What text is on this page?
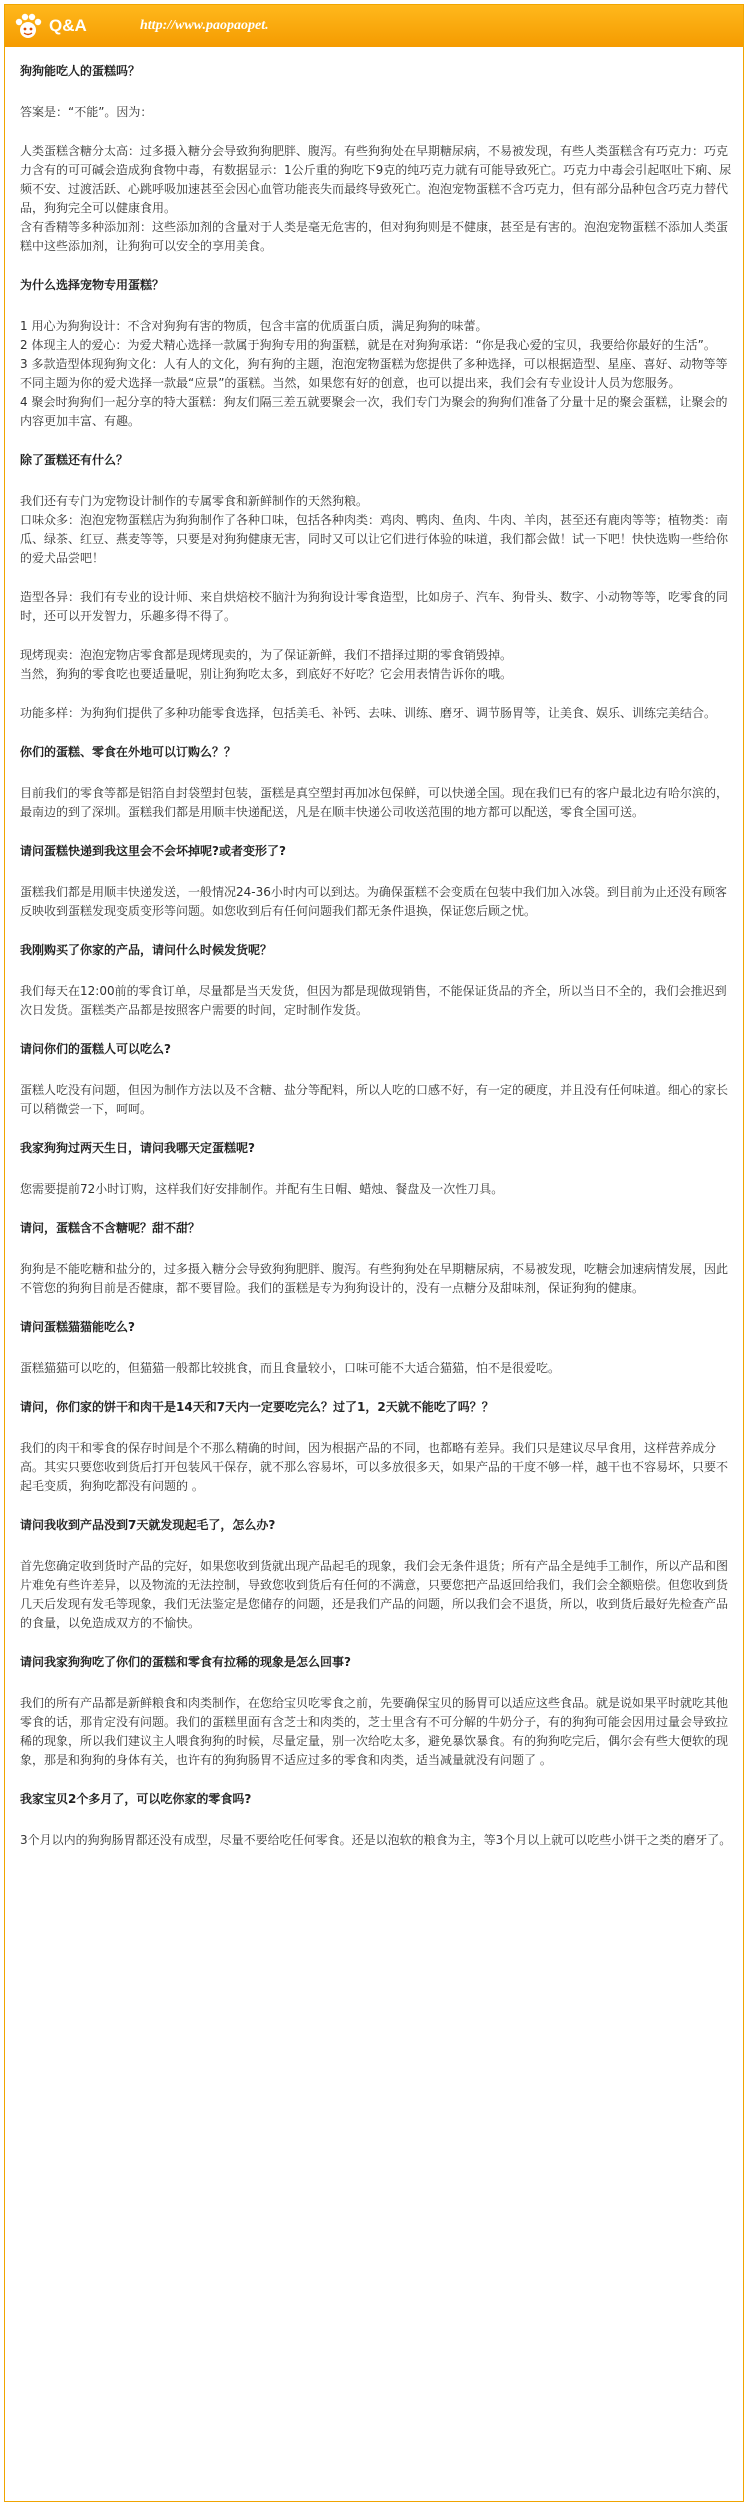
Q&A	http://www.paopaopet.
狗狗能吃人的蛋糕吗？

答案是：“不能”。因为：

人类蛋糕含糖分太高：过多摄入糖分会导致狗狗肥胖、腹泻。有些狗狗处在早期糖尿病，不易被发现，有些人类蛋糕含有巧克力：巧克力含有的可可碱会造成狗食物中毒，有数据显示：1公斤重的狗吃下9克的纯巧克力就有可能导致死亡。巧克力中毒会引起呕吐下痢、尿频不安、过渡活跃、心跳呼吸加速甚至会因心血管功能丧失而最终导致死亡。泡泡宠物蛋糕不含巧克力，但有部分品种包含巧克力替代品，狗狗完全可以健康食用。
含有香精等多种添加剂：这些添加剂的含量对于人类是毫无危害的，但对狗狗则是不健康，甚至是有害的。泡泡宠物蛋糕不添加人类蛋糕中这些添加剂，让狗狗可以安全的享用美食。

为什么选择宠物专用蛋糕？

1 用心为狗狗设计：不含对狗狗有害的物质，包含丰富的优质蛋白质，满足狗狗的味蕾。
2 体现主人的爱心：为爱犬精心选择一款属于狗狗专用的狗蛋糕，就是在对狗狗承诺：“你是我心爱的宝贝，我要给你最好的生活”。
3 多款造型体现狗狗文化：人有人的文化，狗有狗的主题，泡泡宠物蛋糕为您提供了多种选择，可以根据造型、星座、喜好、动物等等不同主题为你的爱犬选择一款最“应景”的蛋糕。当然，如果您有好的创意，也可以提出来，我们会有专业设计人员为您服务。
4 聚会时狗狗们一起分享的特大蛋糕：狗友们隔三差五就要聚会一次，我们专门为聚会的狗狗们准备了分量十足的聚会蛋糕，让聚会的内容更加丰富、有趣。

除了蛋糕还有什么？

我们还有专门为宠物设计制作的专属零食和新鲜制作的天然狗粮。
口味众多：泡泡宠物蛋糕店为狗狗制作了各种口味，包括各种肉类：鸡肉、鸭肉、鱼肉、牛肉、羊肉，甚至还有鹿肉等等；植物类：南瓜、绿茶、红豆、燕麦等等，只要是对狗狗健康无害，同时又可以让它们进行体验的味道，我们都会做！试一下吧！快快选购一些给你的爱犬品尝吧！

造型各异：我们有专业的设计师、来自烘焙校不脑汁为狗狗设计零食造型，比如房子、汽车、狗骨头、数字、小动物等等，吃零食的同时，还可以开发智力，乐趣多得不得了。

现烤现卖：泡泡宠物店零食都是现烤现卖的，为了保证新鲜，我们不措择过期的零食销毁掉。
当然，狗狗的零食吃也要适量呢，别让狗狗吃太多，到底好不好吃？它会用表情告诉你的哦。

功能多样：为狗狗们提供了多种功能零食选择，包括美毛、补钙、去味、训练、磨牙、调节肠胃等，让美食、娱乐、训练完美结合。

你们的蛋糕、零食在外地可以订购么？？

目前我们的零食等都是铝箔自封袋塑封包装，蛋糕是真空塑封再加冰包保鲜，可以快递全国。现在我们已有的客户最北边有哈尔滨的，最南边的到了深圳。蛋糕我们都是用顺丰快递配送，凡是在顺丰快递公司收送范围的地方都可以配送，零食全国可送。

请问蛋糕快递到我这里会不会坏掉呢?或者变形了?

蛋糕我们都是用顺丰快递发送，一般情况24-36小时内可以到达。为确保蛋糕不会变质在包装中我们加入冰袋。到目前为止还没有顾客反映收到蛋糕发现变质变形等问题。如您收到后有任何问题我们都无条件退换，保证您后顾之忧。

我刚购买了你家的产品，请问什么时候发货呢？

我们每天在12:00前的零食订单，尽量都是当天发货，但因为都是现做现销售，不能保证货品的齐全，所以当日不全的，我们会推迟到次日发货。蛋糕类产品都是按照客户需要的时间，定时制作发货。

请问你们的蛋糕人可以吃么?

蛋糕人吃没有问题，但因为制作方法以及不含糖、盐分等配料，所以人吃的口感不好，有一定的硬度，并且没有任何味道。细心的家长可以稍微尝一下，呵呵。

我家狗狗过两天生日，请问我哪天定蛋糕呢?

您需要提前72小时订购，这样我们好安排制作。并配有生日帽、蜡烛、餐盘及一次性刀具。

请问，蛋糕含不含糖呢？甜不甜？

狗狗是不能吃糖和盐分的，过多摄入糖分会导致狗狗肥胖、腹泻。有些狗狗处在早期糖尿病，不易被发现，吃糖会加速病情发展，因此不管您的狗狗目前是否健康，都不要冒险。我们的蛋糕是专为狗狗设计的，没有一点糖分及甜味剂，保证狗狗的健康。

请问蛋糕猫猫能吃么?

蛋糕猫猫可以吃的，但猫猫一般都比较挑食，而且食量较小，口味可能不大适合猫猫，怕不是很爱吃。

请问，你们家的饼干和肉干是14天和7天内一定要吃完么？过了1，2天就不能吃了吗？？

我们的肉干和零食的保存时间是个不那么精确的时间，因为根据产品的不同，也都略有差异。我们只是建议尽早食用，这样营养成分高。其实只要您收到货后打开包装风干保存，就不那么容易坏，可以多放很多天，如果产品的干度不够一样，越干也不容易坏，只要不起毛变质，狗狗吃都没有问题的 。

请问我收到产品没到7天就发现起毛了，怎么办?

首先您确定收到货时产品的完好，如果您收到货就出现产品起毛的现象，我们会无条件退货；所有产品全是纯手工制作，所以产品和图片难免有些许差异，以及物流的无法控制，导致您收到货后有任何的不满意，只要您把产品返回给我们，我们会全额赔偿。但您收到货几天后发现有发毛等现象，我们无法鉴定是您储存的问题，还是我们产品的问题，所以我们会不退货，所以，收到货后最好先检查产品的食量，以免造成双方的不愉快。

请问我家狗狗吃了你们的蛋糕和零食有拉稀的现象是怎么回事?

我们的所有产品都是新鲜粮食和肉类制作，在您给宝贝吃零食之前，先要确保宝贝的肠胃可以适应这些食品。就是说如果平时就吃其他零食的话，那肯定没有问题。我们的蛋糕里面有含芝士和肉类的，芝士里含有不可分解的牛奶分子，有的狗狗可能会因用过量会导致拉稀的现象，所以我们建议主人喂食狗狗的时候，尽量定量，别一次给吃太多，避免暴饮暴食。有的狗狗吃完后，偶尔会有些大便软的现象，那是和狗狗的身体有关，也许有的狗狗肠胃不适应过多的零食和肉类，适当减量就没有问题了 。

我家宝贝2个多月了，可以吃你家的零食吗?

3个月以内的狗狗肠胃都还没有成型，尽量不要给吃任何零食。还是以泡软的粮食为主，等3个月以上就可以吃些小饼干之类的磨牙了。
